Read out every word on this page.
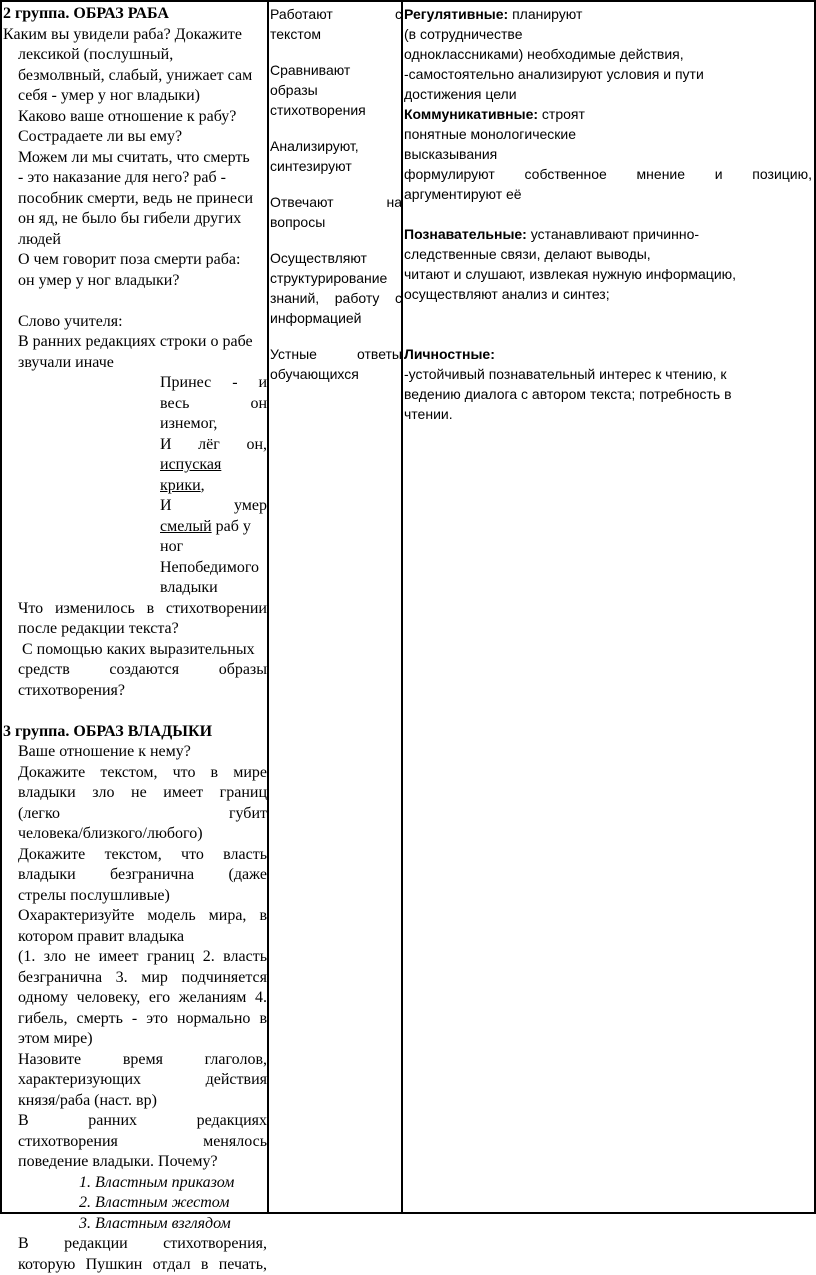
2 группа. ОБРАЗ РАБА
Каким вы увидели раба? Докажите
лексикой (послушный,
безмолвный, слабый, унижает сам
себя - умер у ног владыки)
Каково ваше отношение к рабу?
Сострадаете ли вы ему?
Можем ли мы считать, что смерть
- это наказание для него? раб -
пособник смерти, ведь не принеси
он яд, не было бы гибели других
людей
О чем говорит поза смерти раба:
он умер у ног владыки?
Слово учителя:
В ранних редакциях строки о рабе
звучали иначе
Принес - и
весь он
изнемог,
И лёг он,
испуская
крики,
И умер
смелый раб у
ног
Непобедимого
владыки
Что изменилось в стихотворении
после редакции текста?
С помощью каких выразительных
средств создаются образы
стихотворения?
3 группа. ОБРАЗ ВЛАДЫКИ
Ваше отношение к нему?
Докажите текстом, что в мире
владыки зло не имеет границ
(легко губит
человека/близкого/любого)
Докажите текстом, что власть
владыки безгранична (даже
стрелы послушливые)
Охарактеризуйте модель мира, в
котором правит владыка
(1. зло не имеет границ 2. власть
безгранична 3. мир подчиняется
одному человеку, его желаниям 4.
гибель, смерть - это нормально в
этом мире)
Назовите время глаголов,
характеризующих действия
князя/раба (наст. вр)
В ранних редакциях
стихотворения менялось
поведение владыки. Почему?
1. Властным приказом
2. Властным жестом
3. Властным взглядом
В редакции стихотворения,
которую Пушкин отдал в печать,
Работают с
текстом
Сравнивают
образы
стихотворения
Анализируют,
синтезируют
Отвечают на
вопросы
Осуществляют
структурирование
знаний, работу с
информацией
Устные ответы
обучающихся
Регулятивные: планируют
(в сотрудничестве
одноклассниками) необходимые действия,
-самостоятельно анализируют условия и пути
достижения цели
Коммуникативные: строят
понятные монологические
высказывания
формулируют собственное мнение и позицию,
аргументируют её
Познавательные: устанавливают причинно-
следственные связи, делают выводы,
читают и слушают, извлекая нужную информацию,
осуществляют анализ и синтез;
Личностные:
-устойчивый познавательный интерес к чтению, к
ведению диалога с автором текста; потребность в
чтении.
